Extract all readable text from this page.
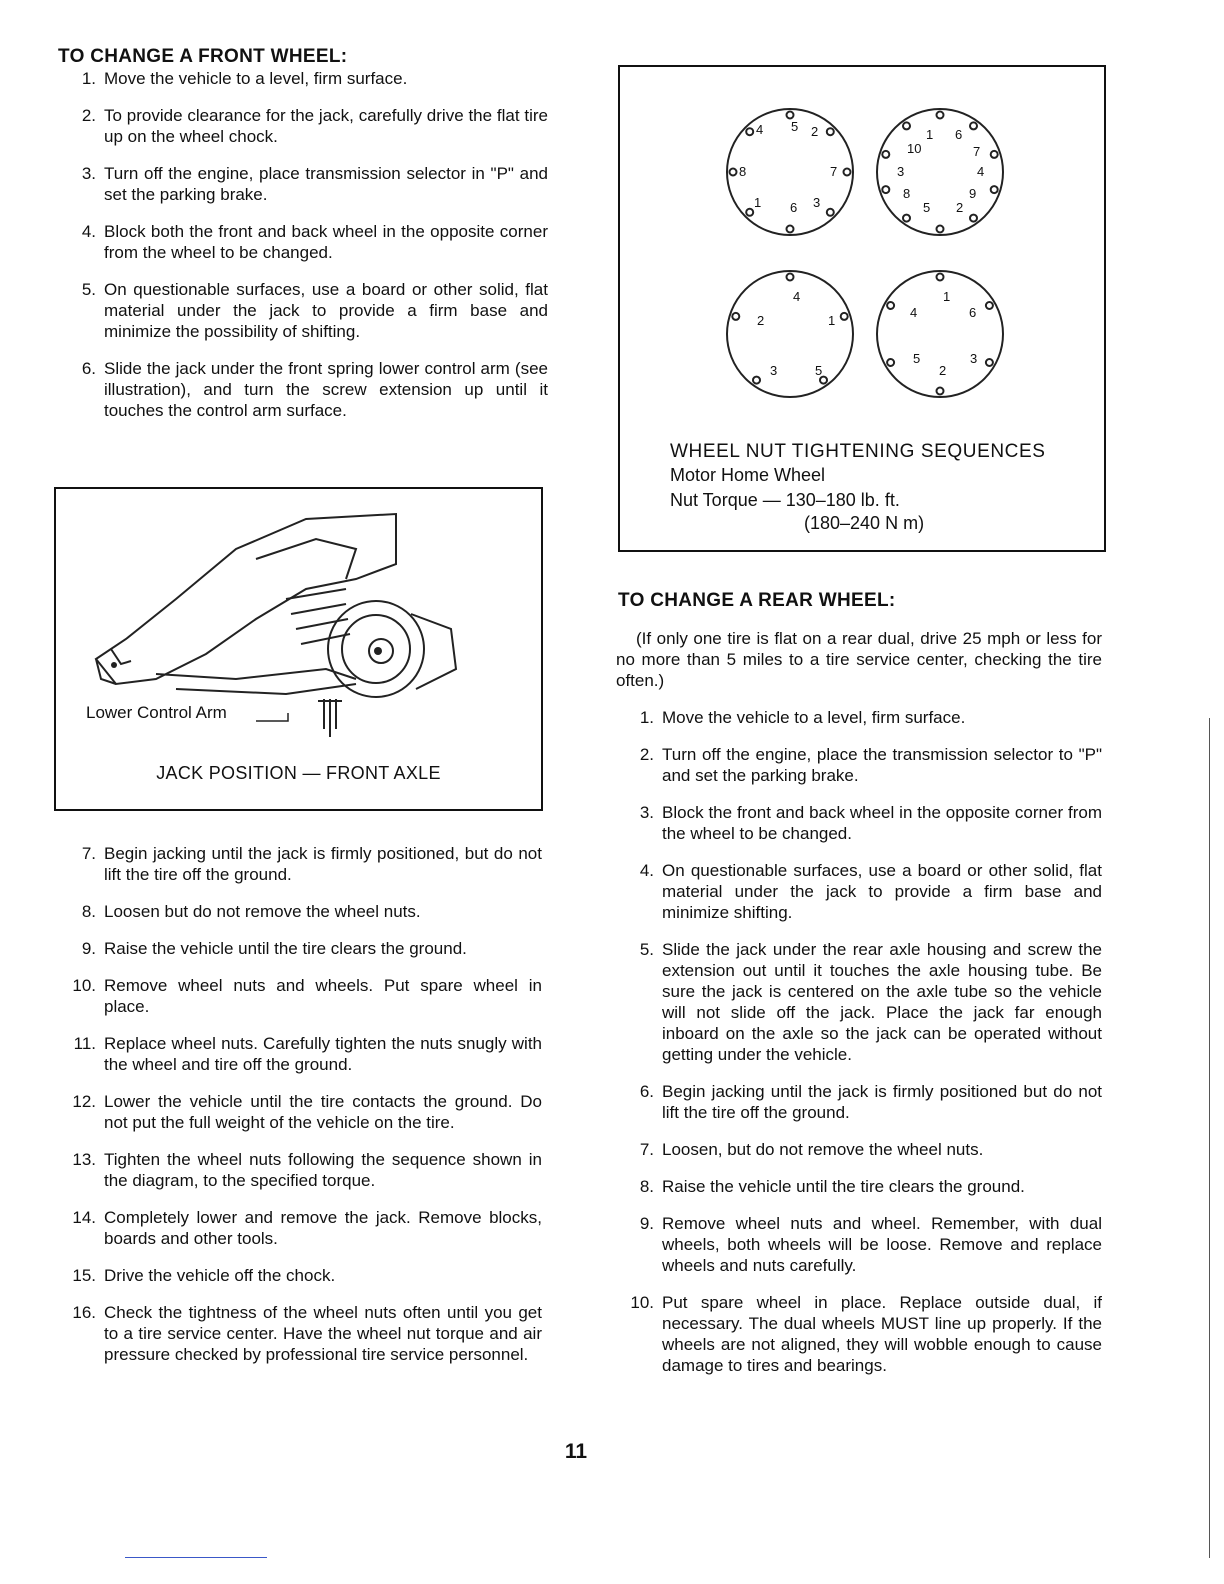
TO CHANGE A FRONT WHEEL:
1. Move the vehicle to a level, firm surface.
2. To provide clearance for the jack, carefully drive the flat tire up on the wheel chock.
3. Turn off the engine, place transmission selector in "P" and set the parking brake.
4. Block both the front and back wheel in the opposite corner from the wheel to be changed.
5. On questionable surfaces, use a board or other solid, flat material under the jack to provide a firm base and minimize the possibility of shifting.
6. Slide the jack under the front spring lower control arm (see illustration), and turn the screw extension up until it touches the control arm surface.
Lower Control Arm
JACK POSITION — FRONT AXLE
7. Begin jacking until the jack is firmly positioned, but do not lift the tire off the ground.
8. Loosen but do not remove the wheel nuts.
9. Raise the vehicle until the tire clears the ground.
10. Remove wheel nuts and wheels. Put spare wheel in place.
11. Replace wheel nuts. Carefully tighten the nuts snugly with the wheel and tire off the ground.
12. Lower the vehicle until the tire contacts the ground. Do not put the full weight of the vehicle on the tire.
13. Tighten the wheel nuts following the sequence shown in the diagram, to the specified torque.
14. Completely lower and remove the jack. Remove blocks, boards and other tools.
15. Drive the vehicle off the chock.
16. Check the tightness of the wheel nuts often until you get to a tire service center. Have the wheel nut torque and air pressure checked by professional tire service personnel.
4 5 2
8	7
1 6 3
1 6
10	7
3	4
8	9
5 2
4
2	1
3	5
1
4	6
5	3
2
WHEEL NUT TIGHTENING SEQUENCES
Motor Home Wheel
Nut Torque — 130–180 lb. ft.
(180–240 N m)
TO CHANGE A REAR WHEEL:
(If only one tire is flat on a rear dual, drive 25 mph or less for no more than 5 miles to a tire service center, checking the tire often.)
1. Move the vehicle to a level, firm surface.
2. Turn off the engine, place the transmission selector to "P" and set the parking brake.
3. Block the front and back wheel in the opposite corner from the wheel to be changed.
4. On questionable surfaces, use a board or other solid, flat material under the jack to provide a firm base and minimize shifting.
5. Slide the jack under the rear axle housing and screw the extension out until it touches the axle housing tube. Be sure the jack is centered on the axle tube so the vehicle will not slide off the jack. Place the jack far enough inboard on the axle so the jack can be operated without getting under the vehicle.
6. Begin jacking until the jack is firmly positioned but do not lift the tire off the ground.
7. Loosen, but do not remove the wheel nuts.
8. Raise the vehicle until the tire clears the ground.
9. Remove wheel nuts and wheel. Remember, with dual wheels, both wheels will be loose. Remove and replace wheels and nuts carefully.
10. Put spare wheel in place. Replace outside dual, if necessary. The dual wheels MUST line up properly. If the wheels are not aligned, they will wobble enough to cause damage to tires and bearings.
11
